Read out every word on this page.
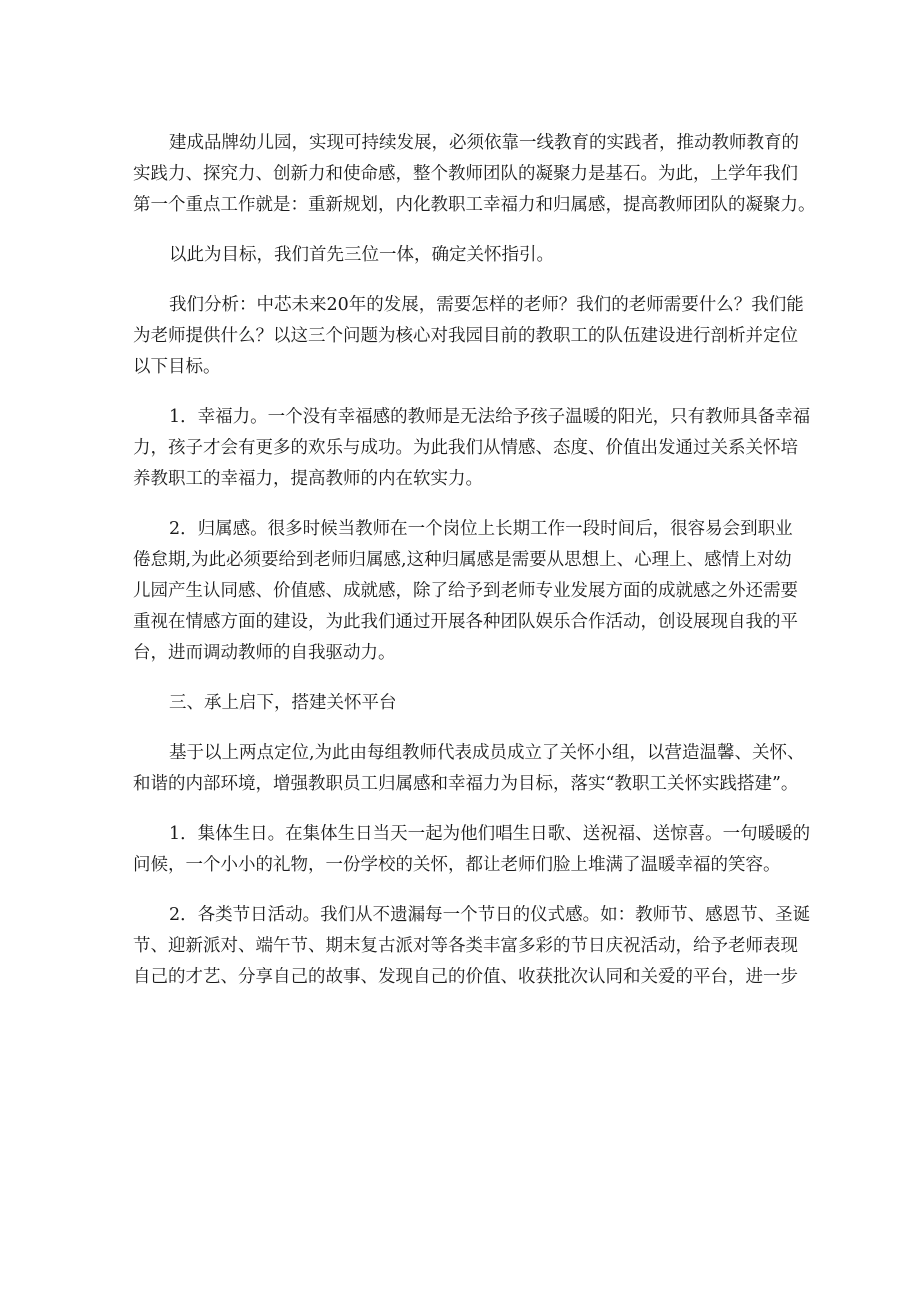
建成品牌幼儿园，实现可持续发展，必须依靠一线教育的实践者，推动教师教育的
实践力、探究力、创新力和使命感，整个教师团队的凝聚力是基石。为此，上学年我们
第一个重点工作就是：重新规划，内化教职工幸福力和归属感，提高教师团队的凝聚力。

以此为目标，我们首先三位一体，确定关怀指引。

我们分析：中芯未来20年的发展，需要怎样的老师？我们的老师需要什么？我们能
为老师提供什么？以这三个问题为核心对我园目前的教职工的队伍建设进行剖析并定位
以下目标。

1．幸福力。一个没有幸福感的教师是无法给予孩子温暖的阳光，只有教师具备幸福
力，孩子才会有更多的欢乐与成功。为此我们从情感、态度、价值出发通过关系关怀培
养教职工的幸福力，提高教师的内在软实力。

2．归属感。很多时候当教师在一个岗位上长期工作一段时间后，很容易会到职业
倦怠期,为此必须要给到老师归属感,这种归属感是需要从思想上、心理上、感情上对幼
儿园产生认同感、价值感、成就感，除了给予到老师专业发展方面的成就感之外还需要
重视在情感方面的建设，为此我们通过开展各种团队娱乐合作活动，创设展现自我的平
台，进而调动教师的自我驱动力。

三、承上启下，搭建关怀平台

基于以上两点定位,为此由每组教师代表成员成立了关怀小组，以营造温馨、关怀、
和谐的内部环境，增强教职员工归属感和幸福力为目标，落实“教职工关怀实践搭建”。

1．集体生日。在集体生日当天一起为他们唱生日歌、送祝福、送惊喜。一句暖暖的
问候，一个小小的礼物，一份学校的关怀，都让老师们脸上堆满了温暖幸福的笑容。

2．各类节日活动。我们从不遗漏每一个节日的仪式感。如：教师节、感恩节、圣诞
节、迎新派对、端午节、期末复古派对等各类丰富多彩的节日庆祝活动，给予老师表现
自己的才艺、分享自己的故事、发现自己的价值、收获批次认同和关爱的平台，进一步
